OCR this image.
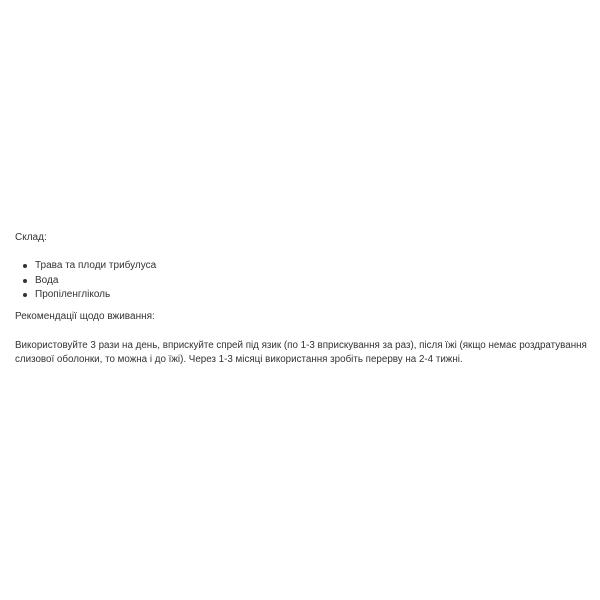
Склад:

Трава та плоди трибулуса
Вода
Пропіленгліколь

Рекомендації щодо вживання:

Використовуйте 3 рази на день, вприскуйте спрей під язик (по 1-3 вприскування за раз), після їжі (якщо немає роздратування
слизової оболонки, то можна і до їжі). Через 1-3 місяці використання зробіть перерву на 2-4 тижні.
